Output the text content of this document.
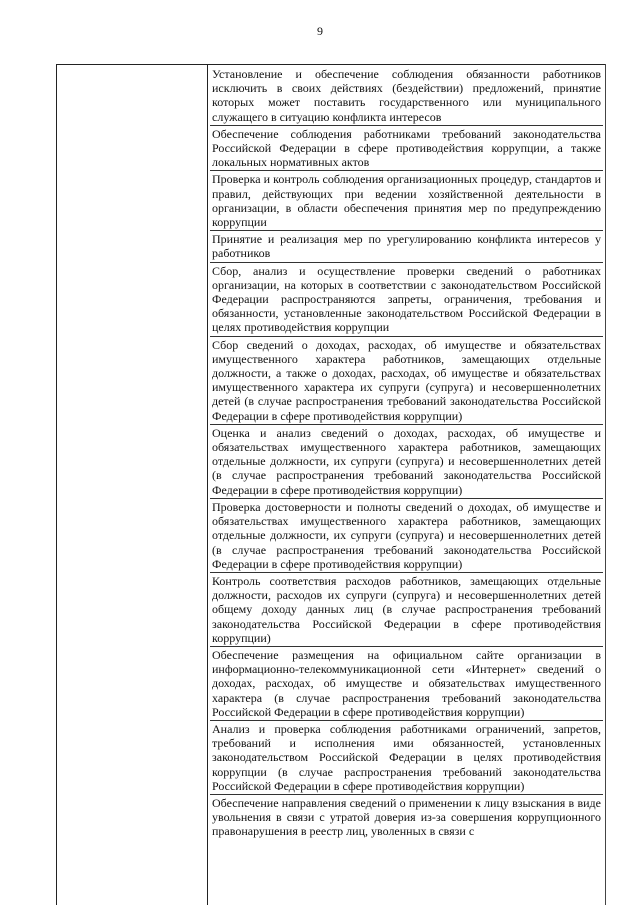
9
Установление и обеспечение соблюдения обязанности работников исключить в своих действиях (бездействии) предложений, принятие которых может поставить государственного или муниципального служащего в ситуацию конфликта интересов
Обеспечение соблюдения работниками требований законодательства Российской Федерации в сфере противодействия коррупции, а также локальных нормативных актов
Проверка и контроль соблюдения организационных процедур, стандартов и правил, действующих при ведении хозяйственной деятельности в организации, в области обеспечения принятия мер по предупреждению коррупции
Принятие и реализация мер по урегулированию конфликта интересов у работников
Сбор, анализ и осуществление проверки сведений о работниках организации, на которых в соответствии с законодательством Российской Федерации распространяются запреты, ограничения, требования и обязанности, установленные законодательством Российской Федерации в целях противодействия коррупции
Сбор сведений о доходах, расходах, об имуществе и обязательствах имущественного характера работников, замещающих отдельные должности, а также о доходах, расходах, об имуществе и обязательствах имущественного характера их супруги (супруга) и несовершеннолетних детей (в случае распространения требований законодательства Российской Федерации в сфере противодействия коррупции)
Оценка и анализ сведений о доходах, расходах, об имуществе и обязательствах имущественного характера работников, замещающих отдельные должности, их супруги (супруга) и несовершеннолетних детей (в случае распространения требований законодательства Российской Федерации в сфере противодействия коррупции)
Проверка достоверности и полноты сведений о доходах, об имуществе и обязательствах имущественного характера работников, замещающих отдельные должности, их супруги (супруга) и несовершеннолетних детей (в случае распространения требований законодательства Российской Федерации в сфере противодействия коррупции)
Контроль соответствия расходов работников, замещающих отдельные должности, расходов их супруги (супруга) и несовершеннолетних детей общему доходу данных лиц (в случае распространения требований законодательства Российской Федерации в сфере противодействия коррупции)
Обеспечение размещения на официальном сайте организации в информационно-телекоммуникационной сети «Интернет» сведений о доходах, расходах, об имуществе и обязательствах имущественного характера (в случае распространения требований законодательства Российской Федерации в сфере противодействия коррупции)
Анализ и проверка соблюдения работниками ограничений, запретов, требований и исполнения ими обязанностей, установленных законодательством Российской Федерации в целях противодействия коррупции (в случае распространения требований законодательства Российской Федерации в сфере противодействия коррупции)
Обеспечение направления сведений о применении к лицу взыскания в виде увольнения в связи с утратой доверия из-за совершения коррупционного правонарушения в реестр лиц, уволенных в связи с
